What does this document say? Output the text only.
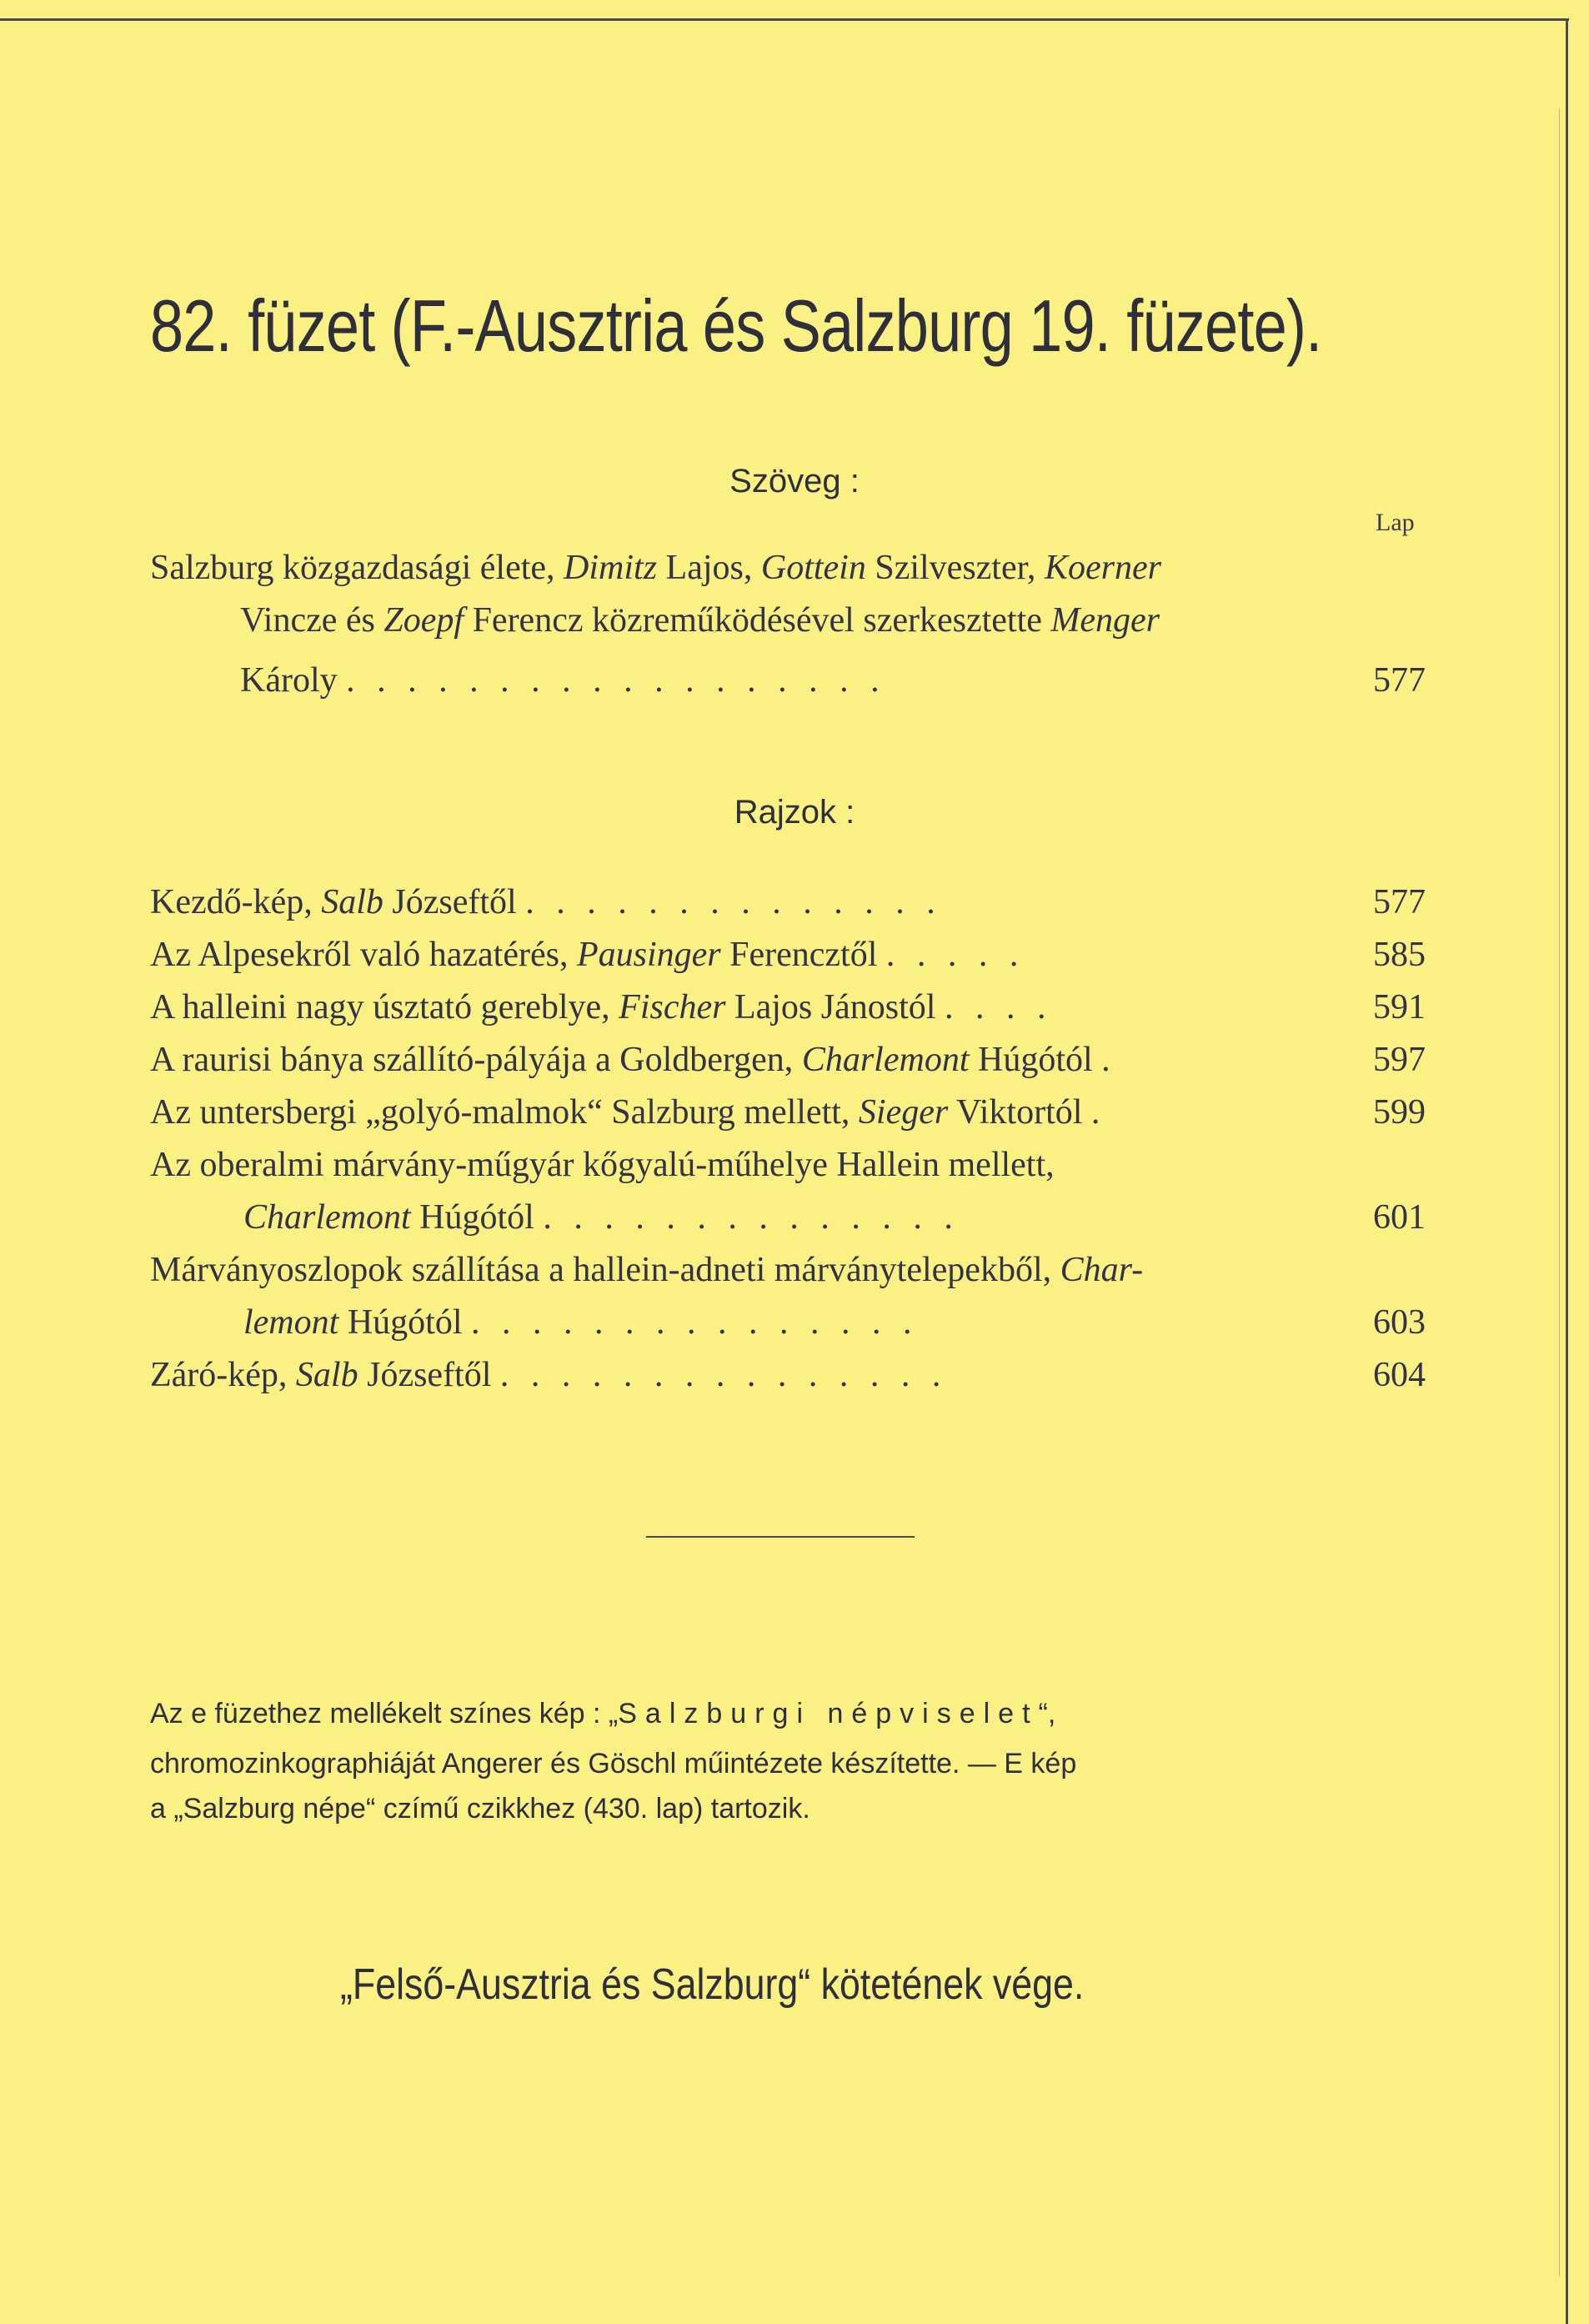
82. füzet (F.-Ausztria és Salzburg 19. füzete).
Szöveg :
Lap
Salzburg közgazdasági élete, Dimitz Lajos, Gottein Szilveszter, Koerner
Vincze és Zoepf Ferencz közreműködésével szerkesztette Menger
Károly . . . . . . . . . . . . . . . . . .	577
Rajzok :
Kezdő-kép, Salb Józseftől . . . . . . . . . . . . . .	577
Az Alpesekről való hazatérés, Pausinger Ferencztől . . . . .	585
A halleini nagy úsztató gereblye, Fischer Lajos Jánostól . . . .	591
A raurisi bánya szállító-pályája a Goldbergen, Charlemont Húgótól .	597
Az untersbergi „golyó-malmok“ Salzburg mellett, Sieger Viktortól .	599
Az oberalmi márvány-műgyár kőgyalú-műhelye Hallein mellett,
Charlemont Húgótól . . . . . . . . . . . . . .	601
Márványoszlopok szállítása a hallein-adneti márványtelepekből, Char-
lemont Húgótól . . . . . . . . . . . . . . .	603
Záró-kép, Salb Józseftől . . . . . . . . . . . . . . .	604
Az e füzethez mellékelt színes kép : „Salzburgi népviselet“,
chromozinkographiáját Angerer és Göschl műintézete készítette. — E kép
a „Salzburg népe“ czímű czikkhez (430. lap) tartozik.
„Felső-Ausztria és Salzburg“ kötetének vége.
